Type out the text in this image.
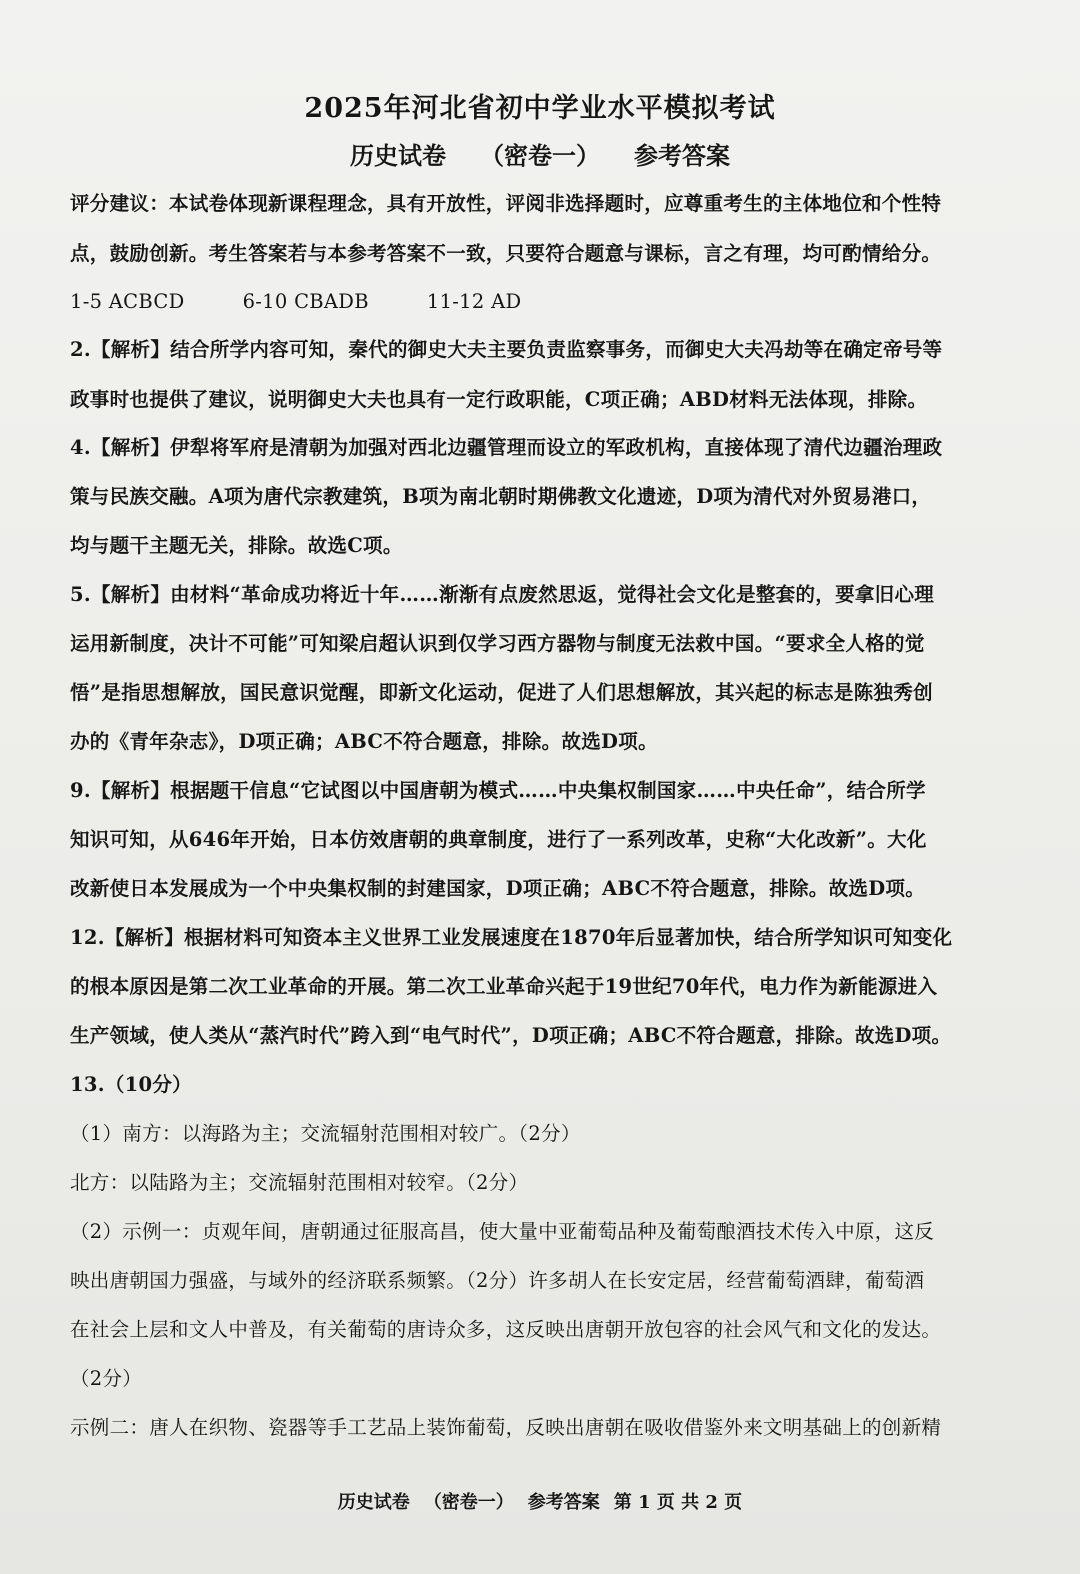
2025年河北省初中学业水平模拟考试
历史试卷 （密卷一） 参考答案
评分建议：本试卷体现新课程理念，具有开放性，评阅非选择题时，应尊重考生的主体地位和个性特
点，鼓励创新。考生答案若与本参考答案不一致，只要符合题意与课标，言之有理，均可酌情给分。
1-5 ACBCD	6-10 CBADB	11-12 AD
2.【解析】结合所学内容可知，秦代的御史大夫主要负责监察事务，而御史大夫冯劫等在确定帝号等
政事时也提供了建议，说明御史大夫也具有一定行政职能，C项正确；ABD材料无法体现，排除。
4.【解析】伊犁将军府是清朝为加强对西北边疆管理而设立的军政机构，直接体现了清代边疆治理政
策与民族交融。A项为唐代宗教建筑，B项为南北朝时期佛教文化遗迹，D项为清代对外贸易港口，
均与题干主题无关，排除。故选C项。
5.【解析】由材料“革命成功将近十年……渐渐有点废然思返，觉得社会文化是整套的，要拿旧心理
运用新制度，决计不可能”可知梁启超认识到仅学习西方器物与制度无法救中国。“要求全人格的觉
悟”是指思想解放，国民意识觉醒，即新文化运动，促进了人们思想解放，其兴起的标志是陈独秀创
办的《青年杂志》，D项正确；ABC不符合题意，排除。故选D项。
9.【解析】根据题干信息“它试图以中国唐朝为模式……中央集权制国家……中央任命”，结合所学
知识可知，从646年开始，日本仿效唐朝的典章制度，进行了一系列改革，史称“大化改新”。大化
改新使日本发展成为一个中央集权制的封建国家，D项正确；ABC不符合题意，排除。故选D项。
12.【解析】根据材料可知资本主义世界工业发展速度在1870年后显著加快，结合所学知识可知变化
的根本原因是第二次工业革命的开展。第二次工业革命兴起于19世纪70年代，电力作为新能源进入
生产领域，使人类从“蒸汽时代”跨入到“电气时代”，D项正确；ABC不符合题意，排除。故选D项。
13.（10分）
（1）南方：以海路为主；交流辐射范围相对较广。（2分）
北方：以陆路为主；交流辐射范围相对较窄。（2分）
（2）示例一：贞观年间，唐朝通过征服高昌，使大量中亚葡萄品种及葡萄酿酒技术传入中原，这反
映出唐朝国力强盛，与域外的经济联系频繁。（2分）许多胡人在长安定居，经营葡萄酒肆，葡萄酒
在社会上层和文人中普及，有关葡萄的唐诗众多，这反映出唐朝开放包容的社会风气和文化的发达。
（2分）
示例二：唐人在织物、瓷器等手工艺品上装饰葡萄，反映出唐朝在吸收借鉴外来文明基础上的创新精
历史试卷 （密卷一） 参考答案 第 1 页 共 2 页
